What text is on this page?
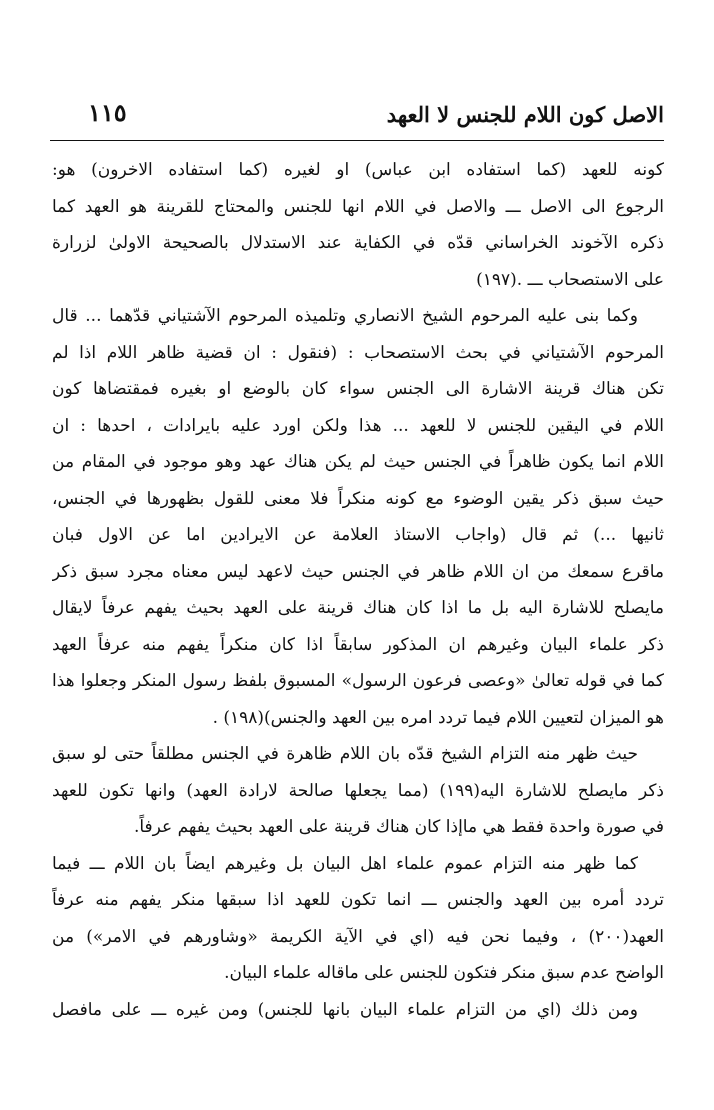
الاصل كون اللام للجنس لا العهد
١١٥
كونه للعهد (كما استفاده ابن عباس) او لغيره (كما استفاده الاخرون) هو:
الرجوع الى الاصل ـــ والاصل في اللام انها للجنس والمحتاج للقرينة هو العهد كما
ذكره الآخوند الخراساني قدّه في الكفاية عند الاستدلال بالصحيحة الاولىٰ لزرارة
على الاستصحاب ـــ .(١٩٧)
وكما بنى عليه المرحوم الشيخ الانصاري وتلميذه المرحوم الآشتياني قدّهما ... قال
المرحوم الآشتياني في بحث الاستصحاب : (فنقول : ان قضية ظاهر اللام اذا لم
تكن هناك قرينة الاشارة الى الجنس سواء كان بالوضع او بغيره فمقتضاها كون
اللام في اليقين للجنس لا للعهد ... هذا ولكن اورد عليه بايرادات ، احدها : ان
اللام انما يكون ظاهراً في الجنس حيث لم يكن هناك عهد وهو موجود في المقام من
حيث سبق ذكر يقين الوضوء مع كونه منكراً فلا معنى للقول بظهورها في الجنس،
ثانيها ...) ثم قال (واجاب الاستاذ العلامة عن الايرادين اما عن الاول فبان
ماقرع سمعك من ان اللام ظاهر في الجنس حيث لاعهد ليس معناه مجرد سبق ذكر
مايصلح للاشارة اليه بل ما اذا كان هناك قرينة على العهد بحيث يفهم عرفاً لايقال
ذكر علماء البيان وغيرهم ان المذكور سابقاً اذا كان منكراً يفهم منه عرفاً العهد
كما في قوله تعالىٰ «وعصى فرعون الرسول» المسبوق بلفظ رسول المنكر وجعلوا هذا
هو الميزان لتعيين اللام فيما تردد امره بين العهد والجنس)(١٩٨) .
حيث ظهر منه التزام الشيخ قدّه بان اللام ظاهرة في الجنس مطلقاً حتى لو سبق
ذكر مايصلح للاشارة اليه(١٩٩) (مما يجعلها صالحة لارادة العهد) وانها تكون للعهد
في صورة واحدة فقط هي ماإذا كان هناك قرينة على العهد بحيث يفهم عرفاً.
كما ظهر منه التزام عموم علماء اهل البيان بل وغيرهم ايضاً بان اللام ـــ فيما
تردد أمره بين العهد والجنس ـــ انما تكون للعهد اذا سبقها منكر يفهم منه عرفاً
العهد(٢٠٠) ، وفيما نحن فيه (اي في الآية الكريمة «وشاورهم في الامر») من
الواضح عدم سبق منكر فتكون للجنس على ماقاله علماء البيان.
ومن ذلك (اي من التزام علماء البيان بانها للجنس) ومن غيره ـــ على مافصل
